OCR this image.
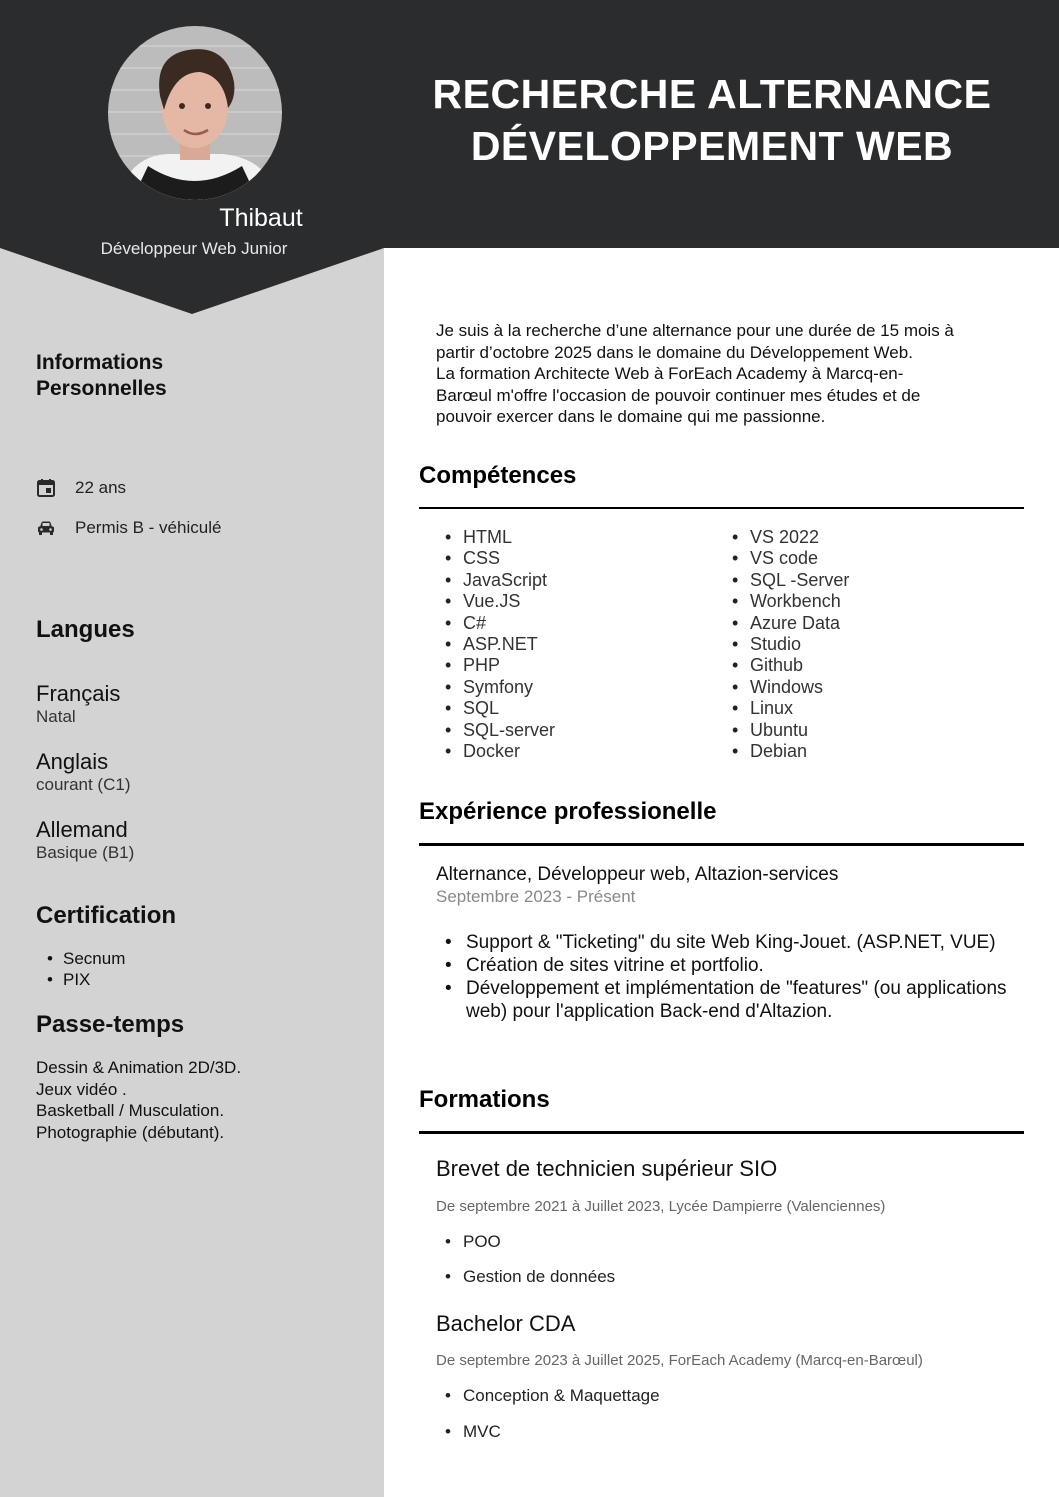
Thibaut
Développeur Web Junior
RECHERCHE ALTERNANCE
DÉVELOPPEMENT WEB
Informations
Personnelles
22 ans
Permis B - véhiculé
Langues
Français
Natal
Anglais
courant (C1)
Allemand
Basique (B1)
Certification
• Secnum
• PIX
Passe-temps
Dessin & Animation 2D/3D.
Jeux vidéo .
Basketball / Musculation.
Photographie (débutant).
Je suis à la recherche d’une alternance pour une durée de 15 mois à
partir d’octobre 2025 dans le domaine du Développement Web.
La formation Architecte Web à ForEach Academy à Marcq-en-
Barœul m'offre l'occasion de pouvoir continuer mes études et de
pouvoir exercer dans le domaine qui me passionne.
Compétences
• HTML
• CSS
• JavaScript
• Vue.JS
• C#
• ASP.NET
• PHP
• Symfony
• SQL
• SQL-server
• Docker
• VS 2022
• VS code
• SQL -Server
• Workbench
• Azure Data
• Studio
• Github
• Windows
• Linux
• Ubuntu
• Debian
Expérience professionelle
Alternance, Développeur web, Altazion-services
Septembre 2023 - Présent
• Support & "Ticketing" du site Web King-Jouet. (ASP.NET, VUE)
• Création de sites vitrine et portfolio.
• Développement et implémentation de "features" (ou applications web) pour l'application Back-end d'Altazion.
Formations
Brevet de technicien supérieur SIO
De septembre 2021 à Juillet 2023, Lycée Dampierre (Valenciennes)
• POO
• Gestion de données
Bachelor CDA
De septembre 2023 à Juillet 2025, ForEach Academy (Marcq-en-Barœul)
• Conception & Maquettage
• MVC
